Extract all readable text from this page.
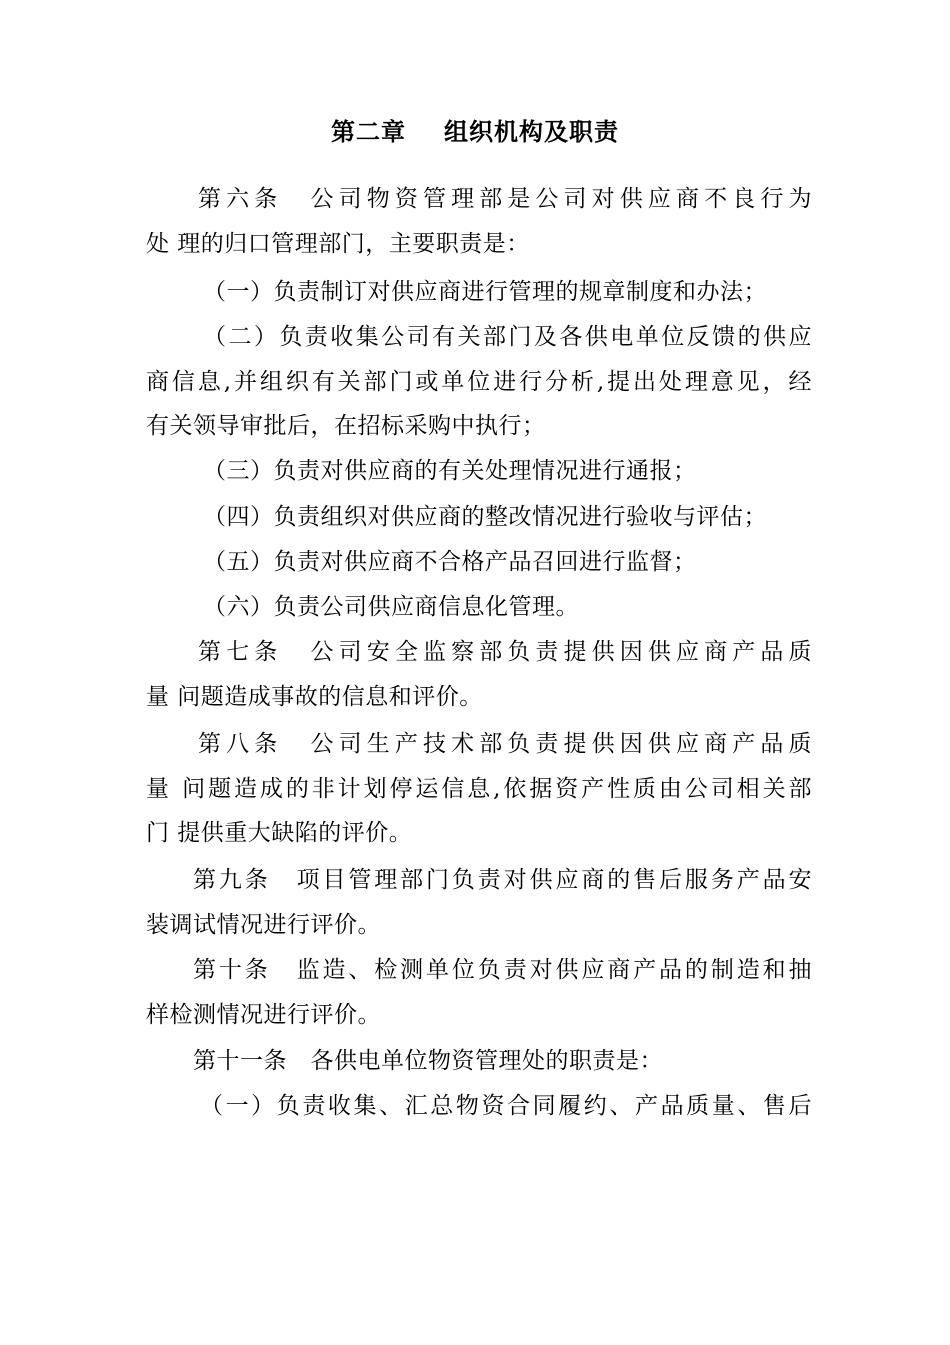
第二章 组织机构及职责
第六条　公司物资管理部是公司对供应商不良行为
处 理的归口管理部门，主要职责是：
（一）负责制订对供应商进行管理的规章制度和办法；
（二）负责收集公司有关部门及各供电单位反馈的供应
商信息,并组织有关部门或单位进行分析,提出处理意见，经
有关领导审批后，在招标采购中执行；
（三）负责对供应商的有关处理情况进行通报；
（四）负责组织对供应商的整改情况进行验收与评估；
（五）负责对供应商不合格产品召回进行监督；
（六）负责公司供应商信息化管理。
第七条　公司安全监察部负责提供因供应商产品质
量 问题造成事故的信息和评价。
第八条　公司生产技术部负责提供因供应商产品质
量 问题造成的非计划停运信息,依据资产性质由公司相关部
门 提供重大缺陷的评价。
第九条　项目管理部门负责对供应商的售后服务产品安
装调试情况进行评价。
第十条　监造、检测单位负责对供应商产品的制造和抽
样检测情况进行评价。
第十一条　各供电单位物资管理处的职责是：
（一）负责收集、汇总物资合同履约、产品质量、售后
